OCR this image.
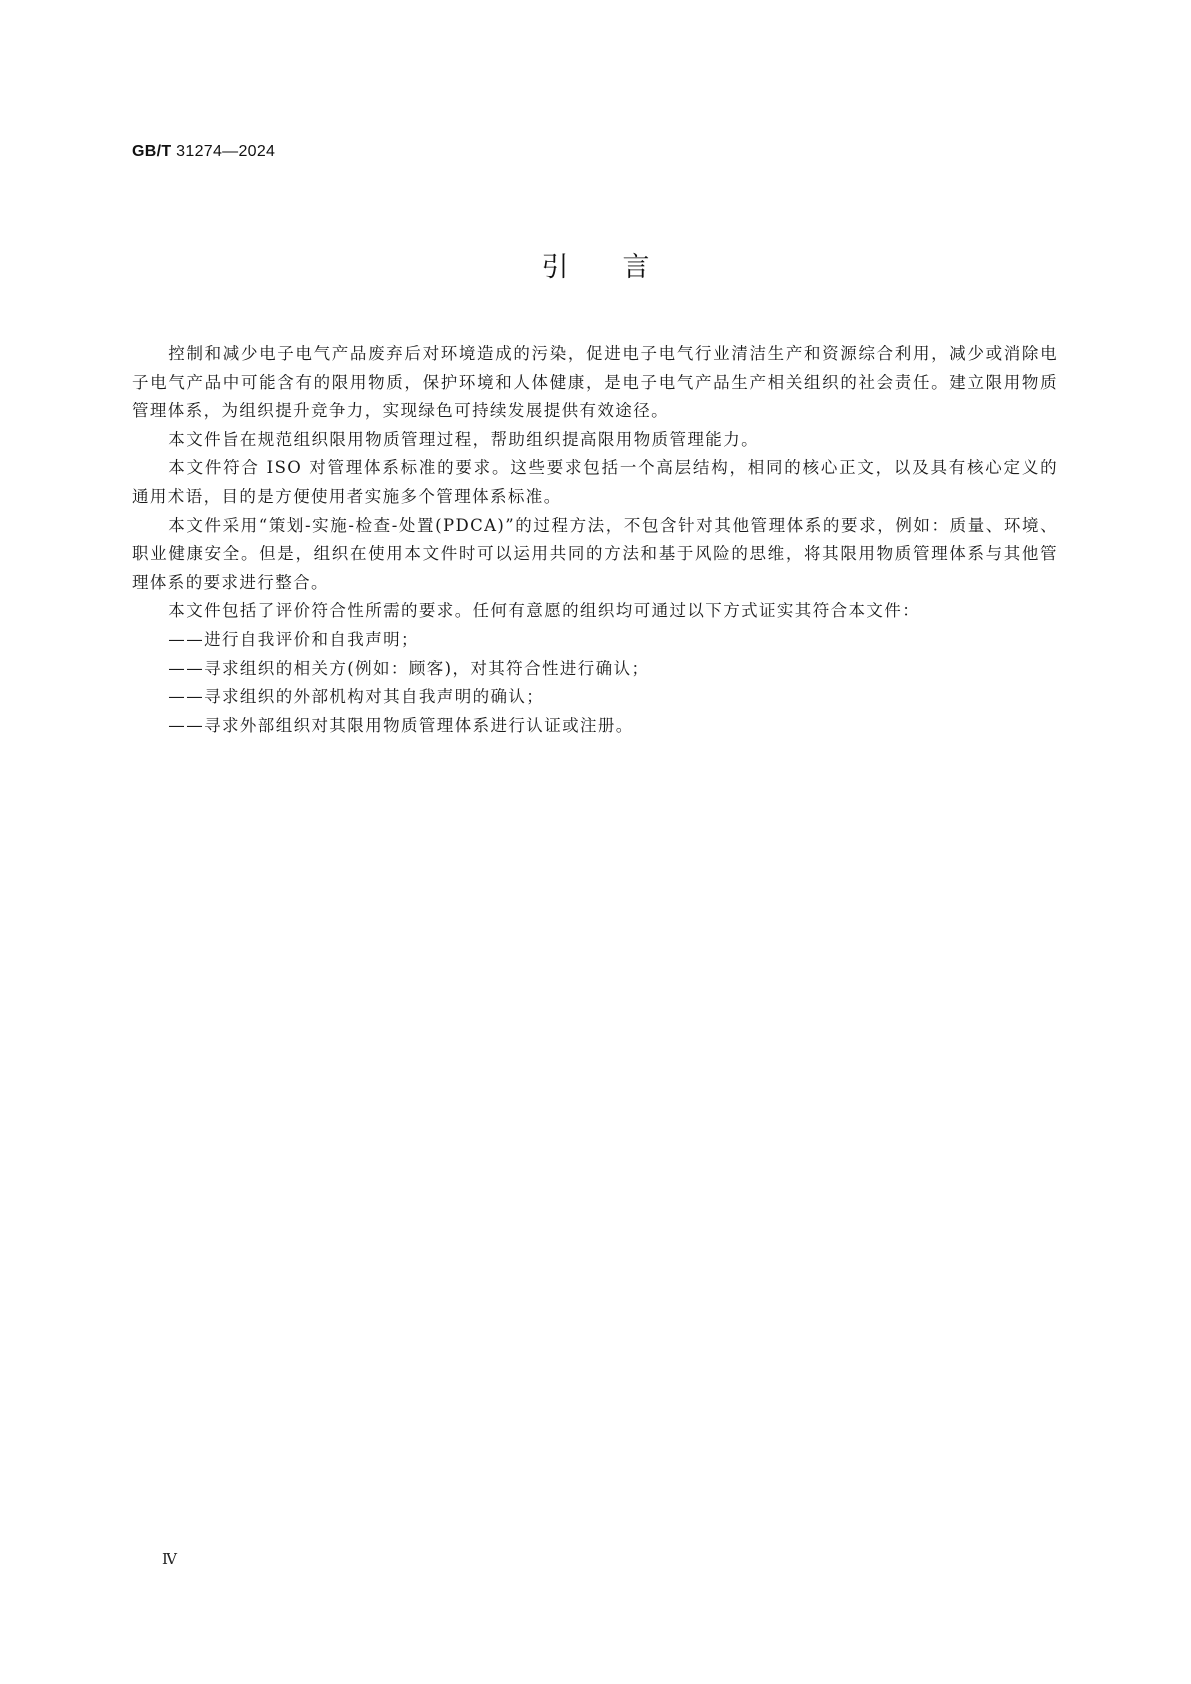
GB/T 31274—2024
引言

控制和减少电子电气产品废弃后对环境造成的污染，促进电子电气行业清洁生产和资源综合利用，减少或消除电子电气产品中可能含有的限用物质，保护环境和人体健康，是电子电气产品生产相关组织的社会责任。建立限用物质管理体系，为组织提升竞争力，实现绿色可持续发展提供有效途径。

本文件旨在规范组织限用物质管理过程，帮助组织提高限用物质管理能力。

本文件符合 ISO 对管理体系标准的要求。这些要求包括一个高层结构，相同的核心正文，以及具有核心定义的通用术语，目的是方便使用者实施多个管理体系标准。

本文件采用“策划-实施-检查-处置(PDCA)”的过程方法，不包含针对其他管理体系的要求，例如：质量、环境、职业健康安全。但是，组织在使用本文件时可以运用共同的方法和基于风险的思维，将其限用物质管理体系与其他管理体系的要求进行整合。

本文件包括了评价符合性所需的要求。任何有意愿的组织均可通过以下方式证实其符合本文件：

——进行自我评价和自我声明；

——寻求组织的相关方(例如：顾客)，对其符合性进行确认；

——寻求组织的外部机构对其自我声明的确认；

——寻求外部组织对其限用物质管理体系进行认证或注册。

Ⅳ
